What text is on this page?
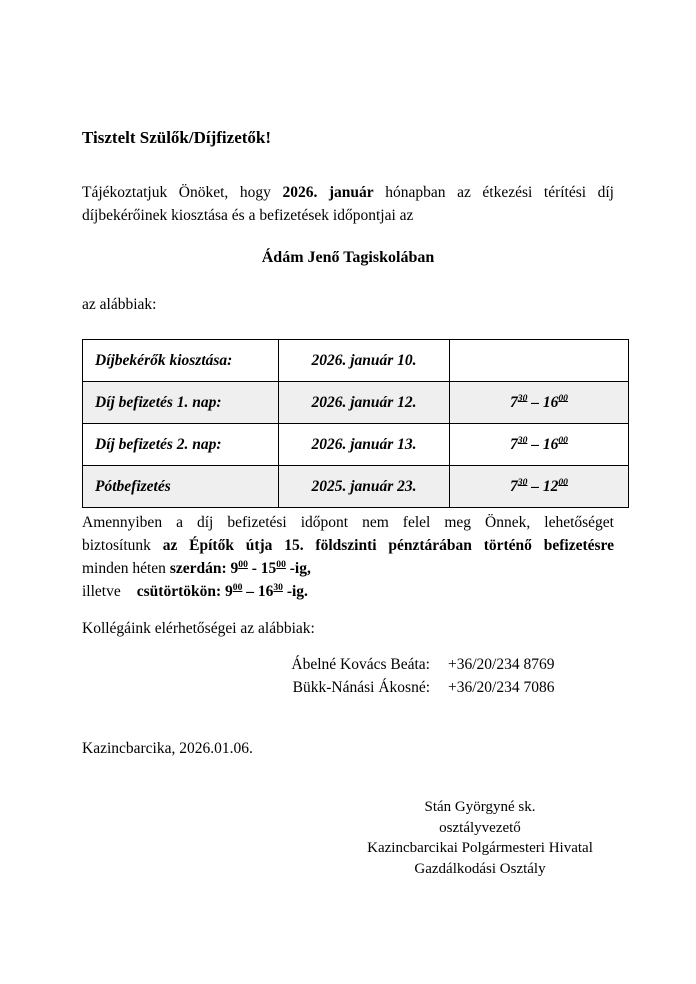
Tisztelt Szülők/Díjfizetők!
Tájékoztatjuk Önöket, hogy 2026. január hónapban az étkezési térítési díj
díjbekérőinek kiosztása és a befizetések időpontjai az
Ádám Jenő Tagiskolában
az alábbiak:
Díjbekérők kiosztása:	2026. január 10.	
Díj befizetés 1. nap:	2026. január 12.	$7^{30} - 16^{00}$
Díj befizetés 2. nap:	2026. január 13.	$7^{30} - 16^{00}$
Pótbefizetés	2025. január 23.	$7^{30} - 12^{00}$
Amennyiben a díj befizetési időpont nem felel meg Önnek, lehetőséget
biztosítunk az Építők útja 15. földszinti pénztárában történő befizetésre
minden héten szerdán: $9^{00} - 15^{00}$ -ig,
illetve csütörtökön: $9^{00} - 16^{30}$ -ig.
Kollégáink elérhetőségei az alábbiak:
Ábelné Kovács Beáta: +36/20/234 8769
Bükk-Nánási Ákosné: +36/20/234 7086
Kazincbarcika, 2026.01.06.
Stán Györgyné sk.
osztályvezető
Kazincbarcikai Polgármesteri Hivatal
Gazdálkodási Osztály
